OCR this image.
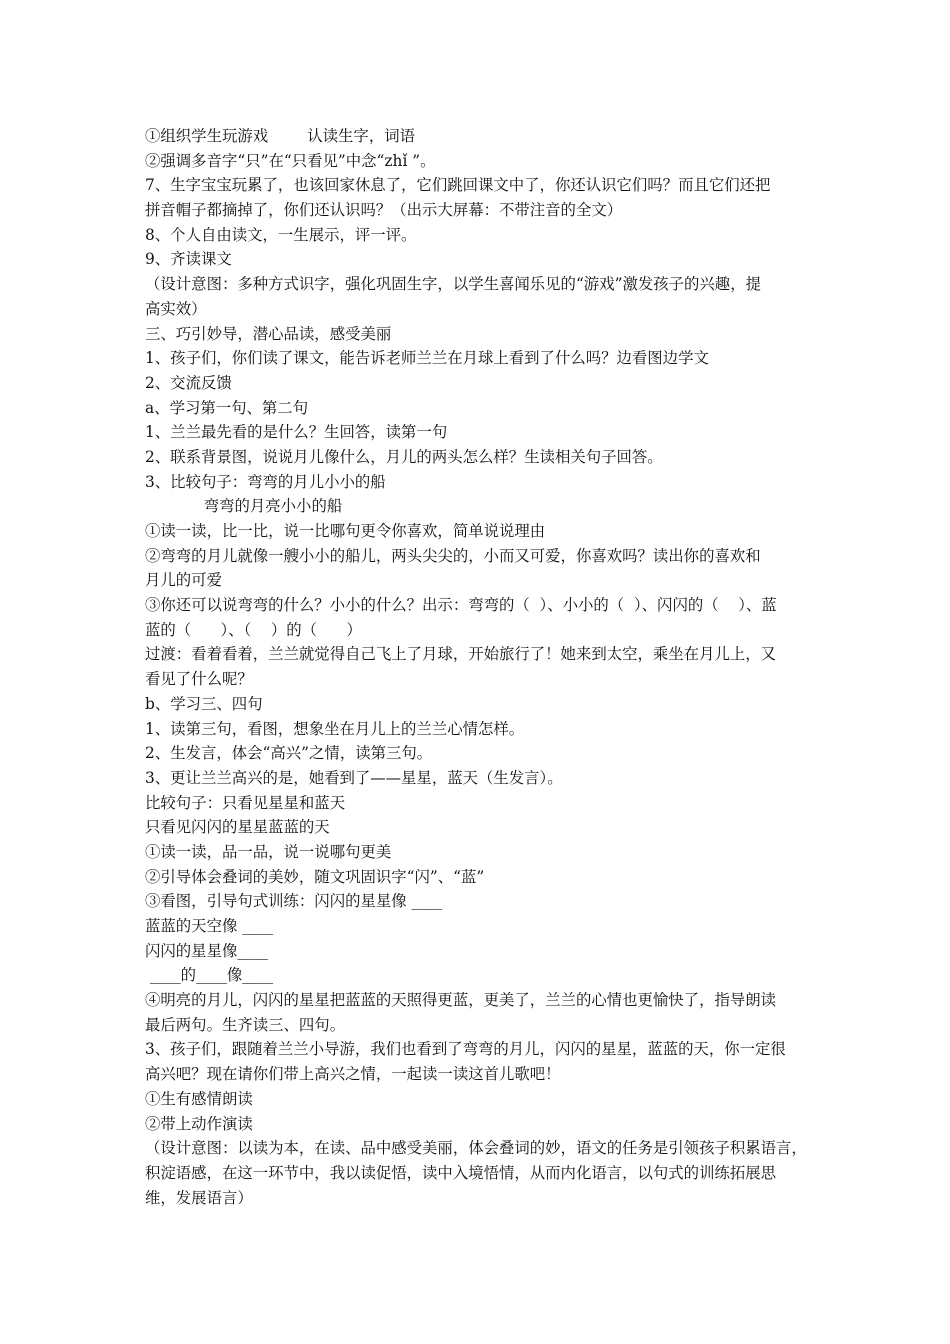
①组织学生玩游戏        认读生字，词语
②强调多音字“只”在“只看见”中念“zhǐ ”。
7、生字宝宝玩累了，也该回家休息了，它们跳回课文中了，你还认识它们吗？而且它们还把
拼音帽子都摘掉了，你们还认识吗？（出示大屏幕：不带注音的全文）
8、个人自由读文，一生展示，评一评。
9、齐读课文
（设计意图：多种方式识字，强化巩固生字，以学生喜闻乐见的“游戏”激发孩子的兴趣，提
高实效）
三、巧引妙导，潜心品读，感受美丽
1、孩子们，你们读了课文，能告诉老师兰兰在月球上看到了什么吗？边看图边学文
2、交流反馈
a、学习第一句、第二句
1、兰兰最先看的是什么？生回答，读第一句
2、联系背景图，说说月儿像什么，月儿的两头怎么样？生读相关句子回答。
3、比较句子：弯弯的月儿小小的船
弯弯的月亮小小的船
①读一读，比一比，说一比哪句更令你喜欢，简单说说理由
②弯弯的月儿就像一艘小小的船儿，两头尖尖的，小而又可爱，你喜欢吗？读出你的喜欢和
月儿的可爱
③你还可以说弯弯的什么？小小的什么？出示：弯弯的（  ）、小小的（  ）、闪闪的（    ）、蓝
蓝的（      ）、（    ）的（      ）
过渡：看着看着，兰兰就觉得自己飞上了月球，开始旅行了！她来到太空，乘坐在月儿上，又
看见了什么呢？
b、学习三、四句
1、读第三句，看图，想象坐在月儿上的兰兰心情怎样。
2、生发言，体会“高兴”之情，读第三句。
3、更让兰兰高兴的是，她看到了——星星，蓝天（生发言）。
比较句子：只看见星星和蓝天
只看见闪闪的星星蓝蓝的天
①读一读，品一品，说一说哪句更美
②引导体会叠词的美妙，随文巩固识字“闪”、“蓝”
③看图，引导句式训练：闪闪的星星像 ____
蓝蓝的天空像 ____
闪闪的星星像____
____的____像____
④明亮的月儿，闪闪的星星把蓝蓝的天照得更蓝，更美了，兰兰的心情也更愉快了，指导朗读
最后两句。生齐读三、四句。
3、孩子们，跟随着兰兰小导游，我们也看到了弯弯的月儿，闪闪的星星，蓝蓝的天，你一定很
高兴吧？现在请你们带上高兴之情，一起读一读这首儿歌吧！
①生有感情朗读
②带上动作演读
（设计意图：以读为本，在读、品中感受美丽，体会叠词的妙，语文的任务是引领孩子积累语言，
积淀语感，在这一环节中，我以读促悟，读中入境悟情，从而内化语言，以句式的训练拓展思
维，发展语言）
